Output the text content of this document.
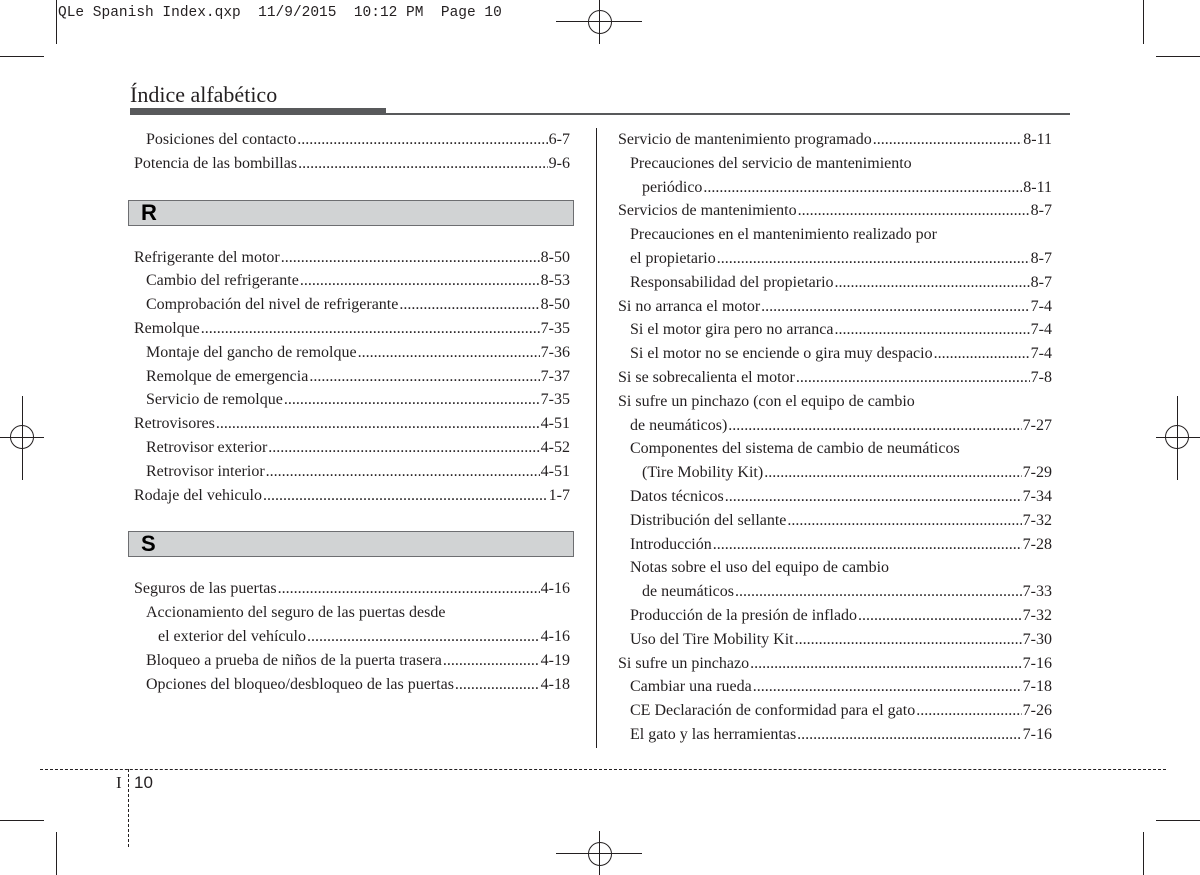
QLe Spanish Index.qxp  11/9/2015  10:12 PM  Page 10
Índice alfabético
Posiciones del contacto .....	6-7
Potencia de las bombillas .....	9-6
R
Refrigerante del motor .....	8-50
Cambio del refrigerante .....	8-53
Comprobación del nivel de refrigerante .....	8-50
Remolque .....	7-35
Montaje del gancho de remolque .....	7-36
Remolque de emergencia .....	7-37
Servicio de remolque .....	7-35
Retrovisores .....	4-51
Retrovisor exterior .....	4-52
Retrovisor interior .....	4-51
Rodaje del vehiculo .....	1-7
S
Seguros de las puertas .....	4-16
Accionamiento del seguro de las puertas desde
el exterior del vehículo .....	4-16
Bloqueo a prueba de niños de la puerta trasera .....	4-19
Opciones del bloqueo/desbloqueo de las puertas .....	4-18
Servicio de mantenimiento programado .....	8-11
Precauciones del servicio de mantenimiento
periódico .....	8-11
Servicios de mantenimiento .....	8-7
Precauciones en el mantenimiento realizado por
el propietario .....	8-7
Responsabilidad del propietario .....	8-7
Si no arranca el motor .....	7-4
Si el motor gira pero no arranca .....	7-4
Si el motor no se enciende o gira muy despacio .....	7-4
Si se sobrecalienta el motor .....	7-8
Si sufre un pinchazo (con el equipo de cambio
de neumáticos) .....	7-27
Componentes del sistema de cambio de neumáticos
(Tire Mobility Kit) .....	7-29
Datos técnicos .....	7-34
Distribución del sellante .....	7-32
Introducción .....	7-28
Notas sobre el uso del equipo de cambio
de neumáticos .....	7-33
Producción de la presión de inflado .....	7-32
Uso del Tire Mobility Kit .....	7-30
Si sufre un pinchazo .....	7-16
Cambiar una rueda .....	7-18
CE Declaración de conformidad para el gato .....	7-26
El gato y las herramientas .....	7-16
I 10
